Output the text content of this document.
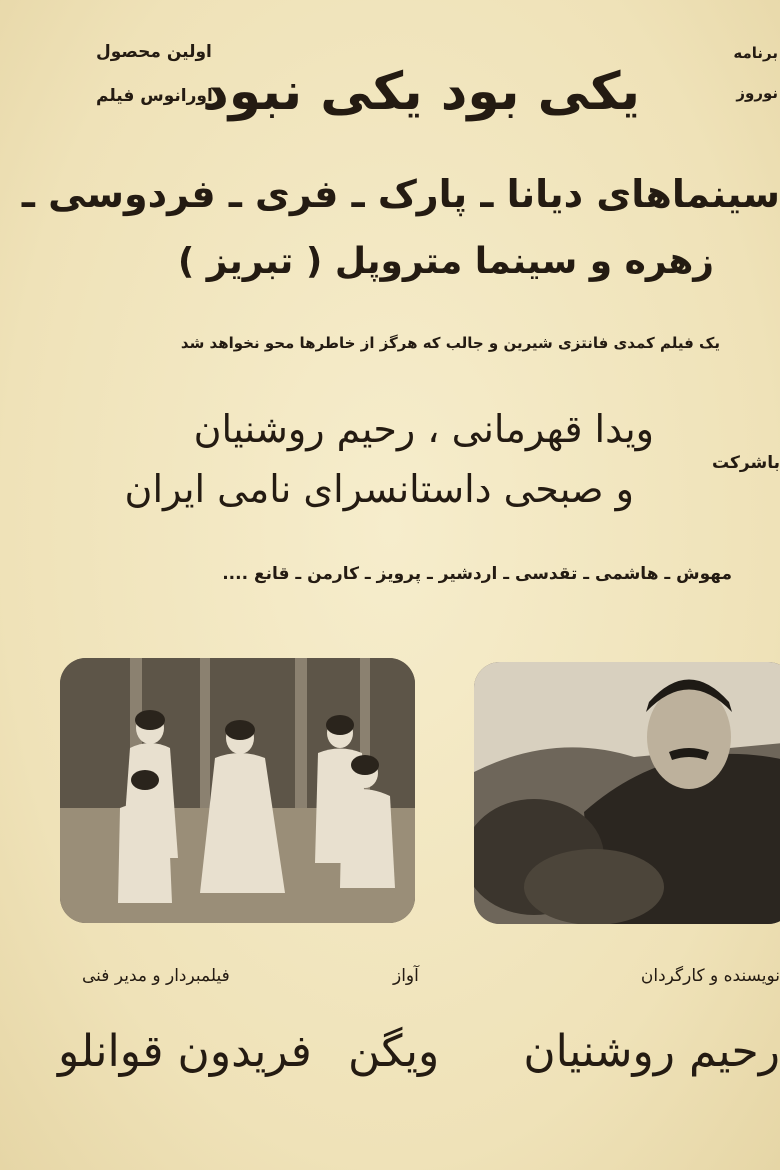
اولین محصول
اورانوس فیلم
یکی بود یکی نبود
برنامه
نوروز
سینماهای دیانا ـ پارک ـ فری ـ فردوسی ـ
زهره و سینما متروپل ( تبریز )
یک فیلم کمدی فانتزی شیرین و جالب که هرگز از خاطرها محو نخواهد شد
باشرکت
ویدا قهرمانی ، رحیم روشنیان
و صبحی داستانسرای نامی ایران
مهوش ـ هاشمی ـ تقدسی ـ اردشیر ـ پرویز ـ کارمن ـ قانع ....
فیلمبردار و مدیر فنی	آواز	نویسنده و کارگردان
فریدون قوانلو ویگن رحیم روشنیان
